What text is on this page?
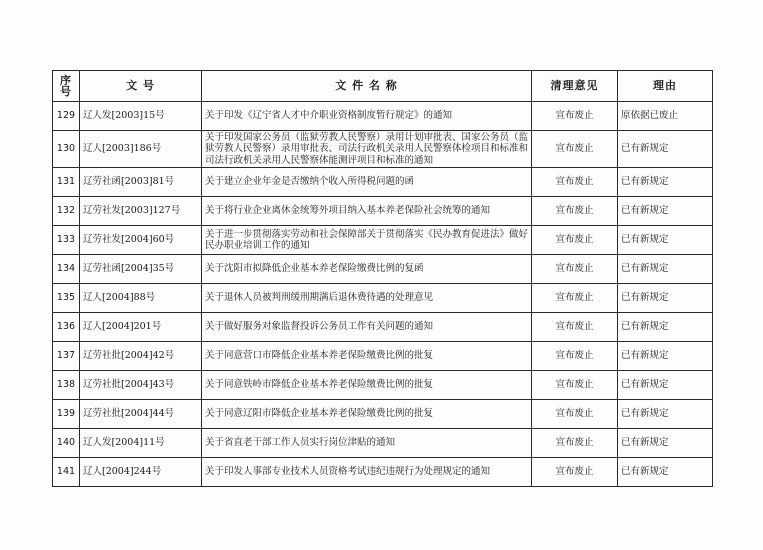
序号	文 号	文 件 名 称	清理意见	理由
129	辽人发[2003]15号	关于印发《辽宁省人才中介职业资格制度暂行规定》的通知	宣布废止	原依据已废止
130	辽人[2003]186号	关于印发国家公务员（监狱劳教人民警察）录用计划审批表、国家公务员（监狱劳教人民警察）录用审批表、司法行政机关录用人民警察体检项目和标准和司法行政机关录用人民警察体能测评项目和标准的通知	宣布废止	已有新规定
131	辽劳社函[2003]81号	关于建立企业年金是否缴纳个收入所得税问题的函	宣布废止	已有新规定
132	辽劳社发[2003]127号	关于将行业企业离休金统筹外项目纳入基本养老保险社会统筹的通知	宣布废止	已有新规定
133	辽劳社发[2004]60号	关于进一步贯彻落实劳动和社会保障部关于贯彻落实《民办教育促进法》做好民办职业培训工作的通知	宣布废止	已有新规定
134	辽劳社函[2004]35号	关于沈阳市拟降低企业基本养老保险缴费比例的复函	宣布废止	已有新规定
135	辽人[2004]88号	关于退休人员被判刑缓刑期满后退休费待遇的处理意见	宣布废止	已有新规定
136	辽人[2004]201号	关于做好服务对象监督投诉公务员工作有关问题的通知	宣布废止	已有新规定
137	辽劳社批[2004]42号	关于同意营口市降低企业基本养老保险缴费比例的批复	宣布废止	已有新规定
138	辽劳社批[2004]43号	关于同意铁岭市降低企业基本养老保险缴费比例的批复	宣布废止	已有新规定
139	辽劳社批[2004]44号	关于同意辽阳市降低企业基本养老保险缴费比例的批复	宣布废止	已有新规定
140	辽人发[2004]11号	关于省直老干部工作人员实行岗位津贴的通知	宣布废止	已有新规定
141	辽人[2004]244号	关于印发人事部专业技术人员资格考试违纪违规行为处理规定的通知	宣布废止	已有新规定
